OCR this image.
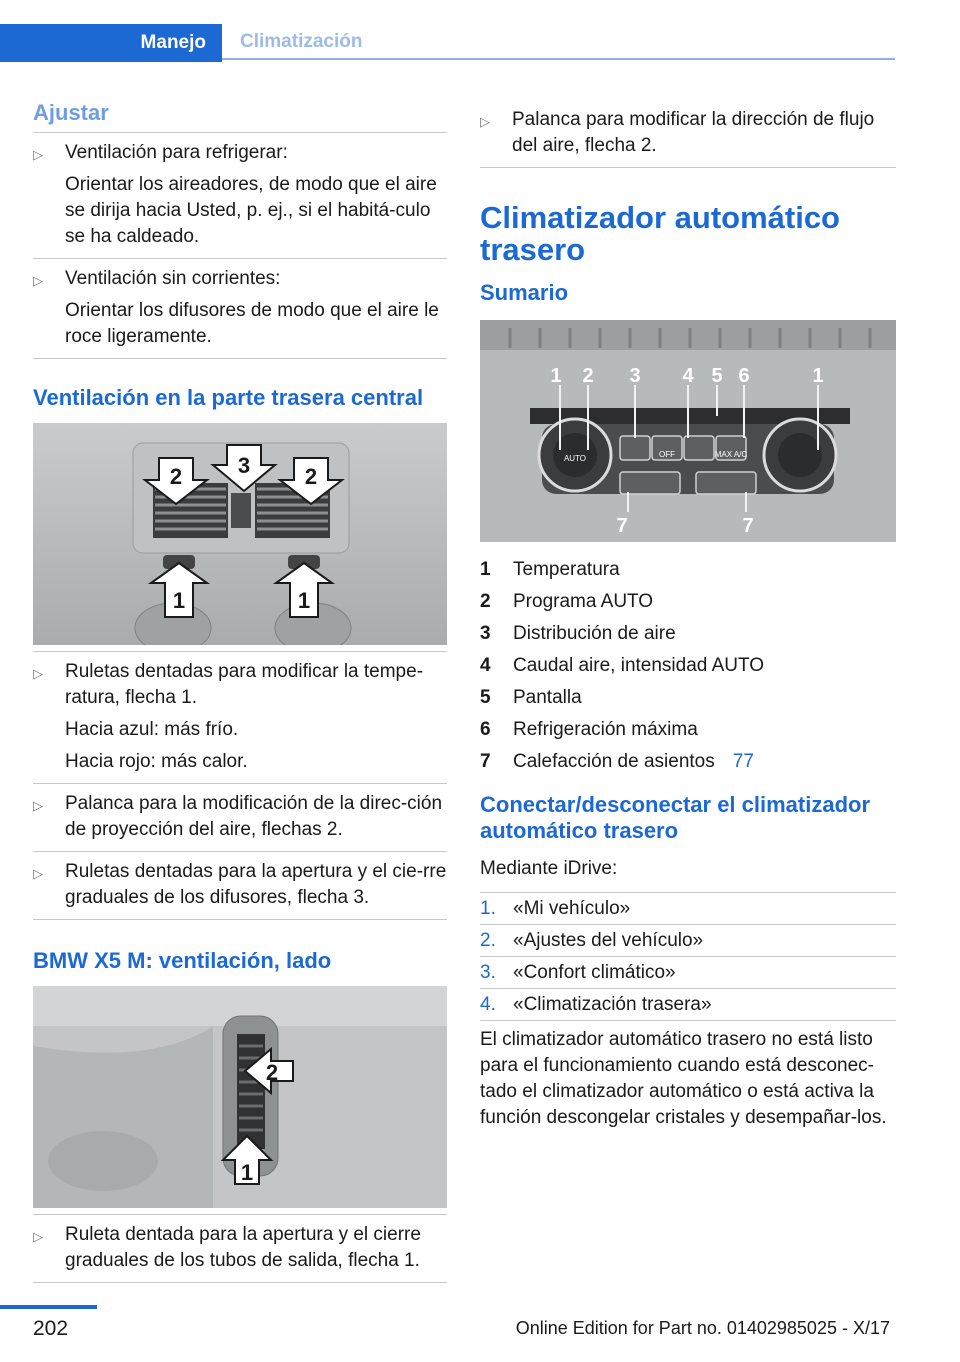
Manejo	Climatización
Ajustar
▷ Ventilación para refrigerar:

Orientar los aireadores, de modo que el aire se dirija hacia Usted, p. ej., si el habitá‐culo se ha caldeado.

▷ Ventilación sin corrientes:

Orientar los difusores de modo que el aire le roce ligeramente.

Ventilación en la parte trasera central
2	3 2
1	1
▷ Ruletas dentadas para modificar la tempe‐ratura, flecha 1.

Hacia azul: más frío.

Hacia rojo: más calor.

▷ Palanca para la modificación de la direc‐ción de proyección del aire, flechas 2.

▷ Ruletas dentadas para la apertura y el cie‐rre graduales de los difusores, flecha 3.

BMW X5 M: ventilación, lado
2
1
▷ Ruleta dentada para la apertura y el cierre graduales de los tubos de salida, flecha 1.

▷ Palanca para modificar la dirección de flujo del aire, flecha 2.

Climatizador automático trasero
Sumario
AUTO	OFF	MAX A/C
1 2 3 4 5 6	1
7	7
1	Temperatura
2	Programa AUTO
3	Distribución de aire
4	Caudal aire, intensidad AUTO
5	Pantalla
6	Refrigeración máxima
7	Calefacción de asientos 77
Conectar/desconectar el climatizador automático trasero

Mediante iDrive:

1. «Mi vehículo»
2. «Ajustes del vehículo»
3. «Confort climático»
4. «Climatización trasera»

El climatizador automático trasero no está listo para el funcionamiento cuando está desconec‐tado el climatizador automático o está activa la función descongelar cristales y desempañar‐los.

202	Online Edition for Part no. 01402985025 - X/17
